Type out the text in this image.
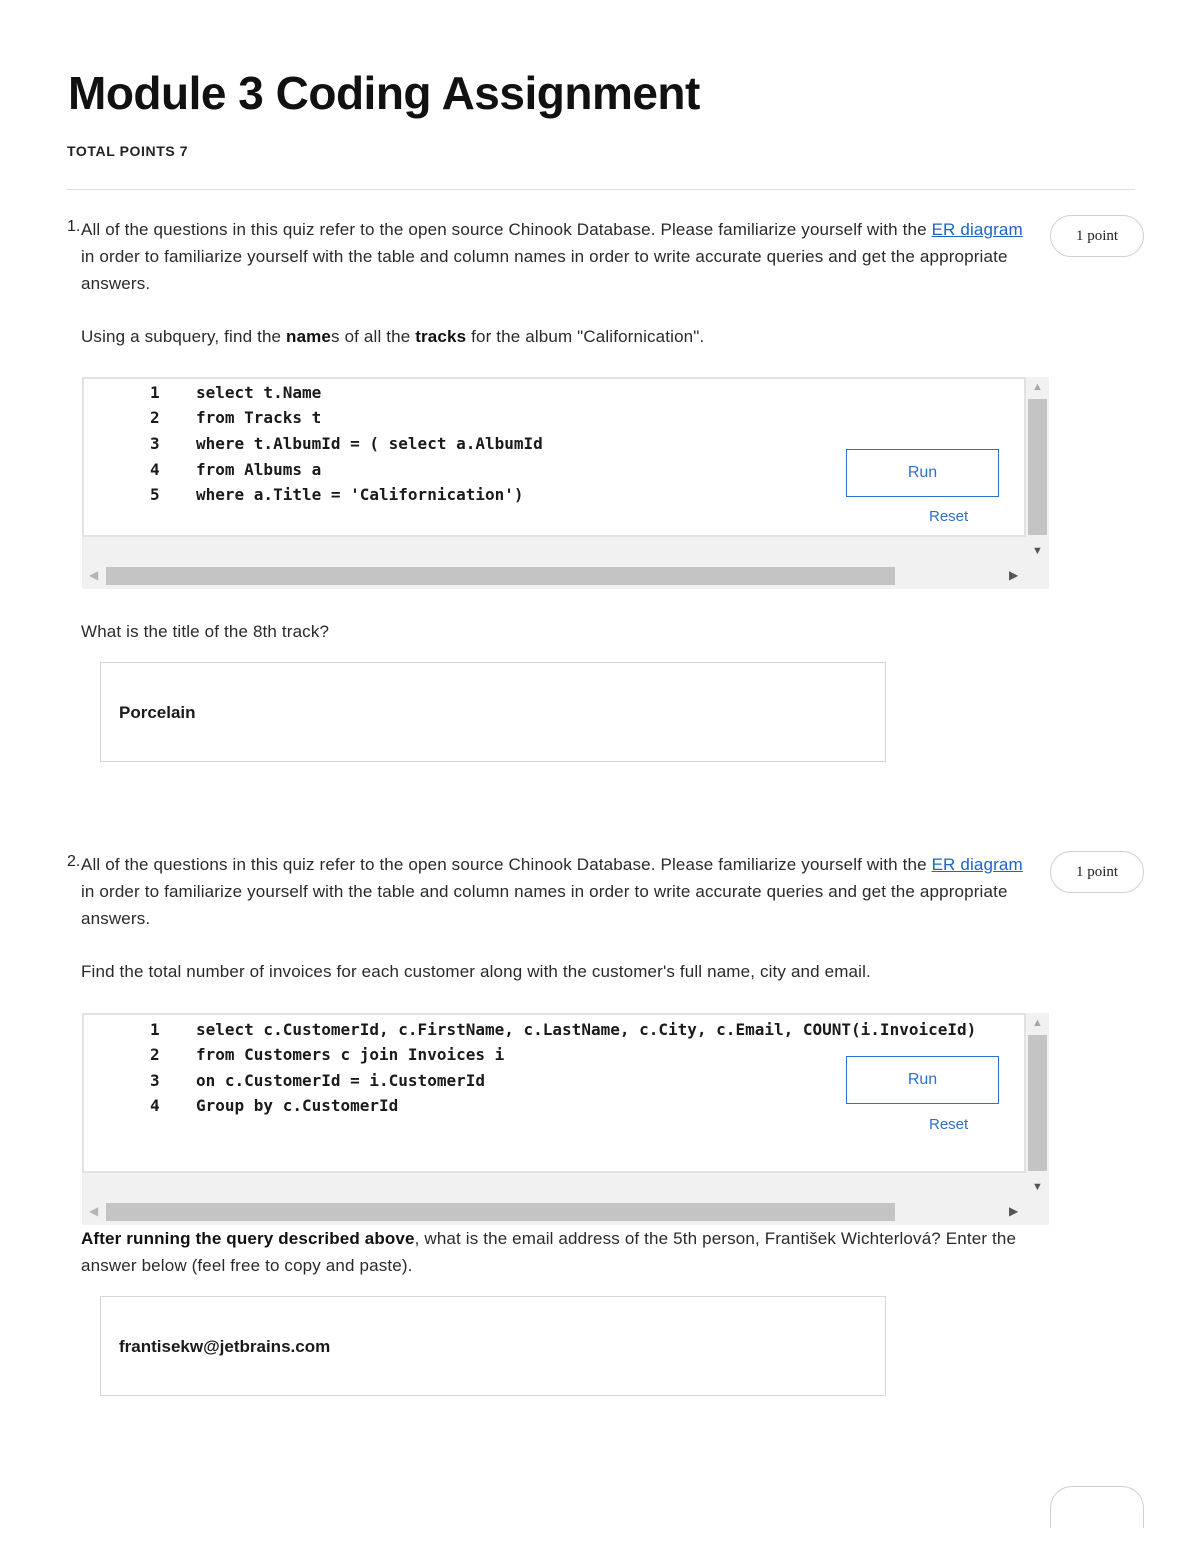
Module 3 Coding Assignment
TOTAL POINTS 7
1. All of the questions in this quiz refer to the open source Chinook Database. Please familiarize yourself with the ER diagram in order to familiarize yourself with the table and column names in order to write accurate queries and get the appropriate answers.

1 point

Using a subquery, find the names of all the tracks for the album "Californication".

1	select t.Name
2	from Tracks t
3	where t.AlbumId = ( select a.AlbumId
4	from Albums a
5	where a.Title = 'Californication')
Run
Reset
▲
▼
◀	▶

What is the title of the 8th track?

Porcelain
2. All of the questions in this quiz refer to the open source Chinook Database. Please familiarize yourself with the ER diagram in order to familiarize yourself with the table and column names in order to write accurate queries and get the appropriate answers.

1 point

Find the total number of invoices for each customer along with the customer's full name, city and email.

1	select c.CustomerId, c.FirstName, c.LastName, c.City, c.Email, COUNT(i.InvoiceId)
2	from Customers c join Invoices i
3	on c.CustomerId = i.CustomerId
4	Group by c.CustomerId
Run
Reset
▲
▼
◀	▶

After running the query described above, what is the email address of the 5th person, František Wichterlová? Enter the answer below (feel free to copy and paste).

frantisekw@jetbrains.com
